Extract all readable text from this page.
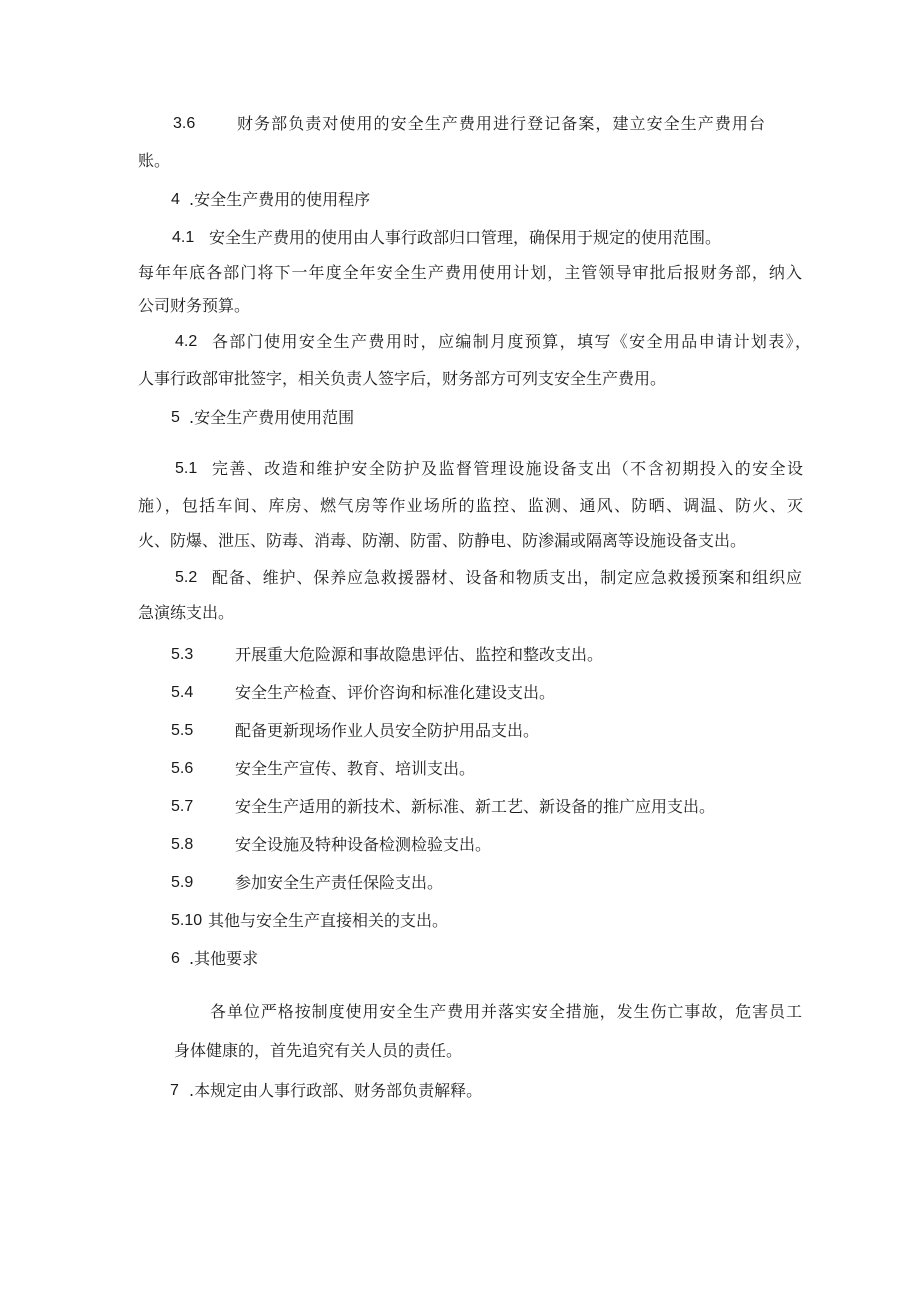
3.6	财务部负责对使用的安全生产费用进行登记备案，建立安全生产费用台
账。
4 .安全生产费用的使用程序
4.1 安全生产费用的使用由人事行政部归口管理，确保用于规定的使用范围。
每年年底各部门将下一年度全年安全生产费用使用计划，主管领导审批后报财务部，纳入
公司财务预算。
4.2 各部门使用安全生产费用时，应编制月度预算，填写《安全用品申请计划表》，
人事行政部审批签字，相关负责人签字后，财务部方可列支安全生产费用。
5 .安全生产费用使用范围
5.1 完善、改造和维护安全防护及监督管理设施设备支出（不含初期投入的安全设
施），包括车间、库房、燃气房等作业场所的监控、监测、通风、防晒、调温、防火、灭
火、防爆、泄压、防毒、消毒、防潮、防雷、防静电、防渗漏或隔离等设施设备支出。
5.2 配备、维护、保养应急救援器材、设备和物质支出，制定应急救援预案和组织应
急演练支出。
5.3	开展重大危险源和事故隐患评估、监控和整改支出。
5.4	安全生产检查、评价咨询和标准化建设支出。
5.5	配备更新现场作业人员安全防护用品支出。
5.6	安全生产宣传、教育、培训支出。
5.7	安全生产适用的新技术、新标准、新工艺、新设备的推广应用支出。
5.8	安全设施及特种设备检测检验支出。
5.9	参加安全生产责任保险支出。
5.10 其他与安全生产直接相关的支出。
6 .其他要求
各单位严格按制度使用安全生产费用并落实安全措施，发生伤亡事故，危害员工
身体健康的，首先追究有关人员的责任。
7 .本规定由人事行政部、财务部负责解释。
